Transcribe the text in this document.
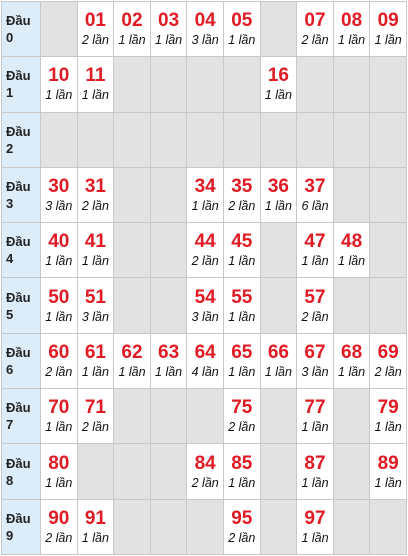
Đầu
0
01
2 lần
02
1 lần
03
1 lần
04
3 lần
05
1 lần
07
2 lần
08
1 lần
09
1 lần
Đầu
1
10
1 lần
11
1 lần
16
1 lần
Đầu
2
Đầu
3
30
3 lần
31
2 lần
34
1 lần
35
2 lần
36
1 lần
37
6 lần
Đầu
4
40
1 lần
41
1 lần
44
2 lần
45
1 lần
47
1 lần
48
1 lần
Đầu
5
50
1 lần
51
3 lần
54
3 lần
55
1 lần
57
2 lần
Đầu
6
60
2 lần
61
1 lần
62
1 lần
63
1 lần
64
4 lần
65
1 lần
66
1 lần
67
3 lần
68
1 lần
69
2 lần
Đầu
7
70
1 lần
71
2 lần
75
2 lần
77
1 lần
79
1 lần
Đầu
8
80
1 lần
84
2 lần
85
1 lần
87
1 lần
89
1 lần
Đầu
9
90
2 lần
91
1 lần
95
2 lần
97
1 lần
